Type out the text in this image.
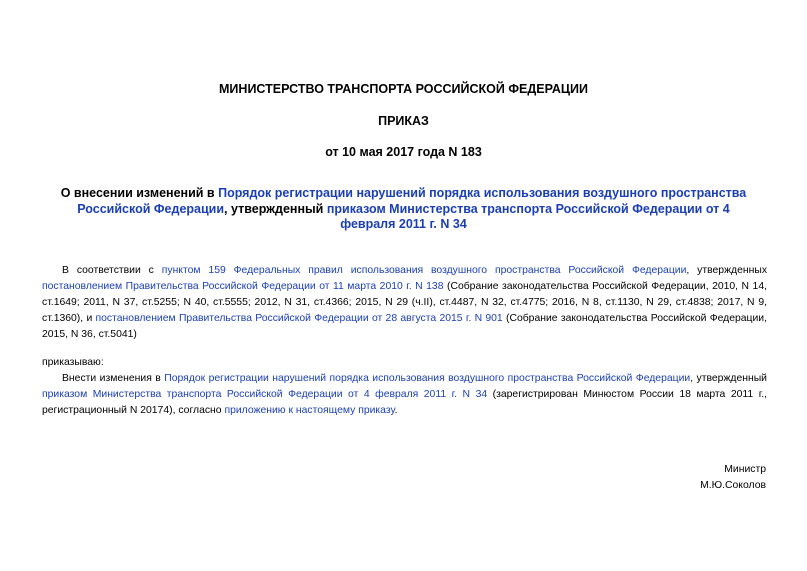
МИНИСТЕРСТВО ТРАНСПОРТА РОССИЙСКОЙ ФЕДЕРАЦИИ
ПРИКАЗ
от 10 мая 2017 года N 183
О внесении изменений в Порядок регистрации нарушений порядка использования воздушного пространства Российской Федерации, утвержденный приказом Министерства транспорта Российской Федерации от 4 февраля 2011 г. N 34
В соответствии с пунктом 159 Федеральных правил использования воздушного пространства Российской Федерации, утвержденных постановлением Правительства Российской Федерации от 11 марта 2010 г. N 138 (Собрание законодательства Российской Федерации, 2010, N 14, ст.1649; 2011, N 37, ст.5255; N 40, ст.5555; 2012, N 31, ст.4366; 2015, N 29 (ч.II), ст.4487, N 32, ст.4775; 2016, N 8, ст.1130, N 29, ст.4838; 2017, N 9, ст.1360), и постановлением Правительства Российской Федерации от 28 августа 2015 г. N 901 (Собрание законодательства Российской Федерации, 2015, N 36, ст.5041)
приказываю:
Внести изменения в Порядок регистрации нарушений порядка использования воздушного пространства Российской Федерации, утвержденный приказом Министерства транспорта Российской Федерации от 4 февраля 2011 г. N 34 (зарегистрирован Минюстом России 18 марта 2011 г., регистрационный N 20174), согласно приложению к настоящему приказу.
Министр
М.Ю.Соколов
